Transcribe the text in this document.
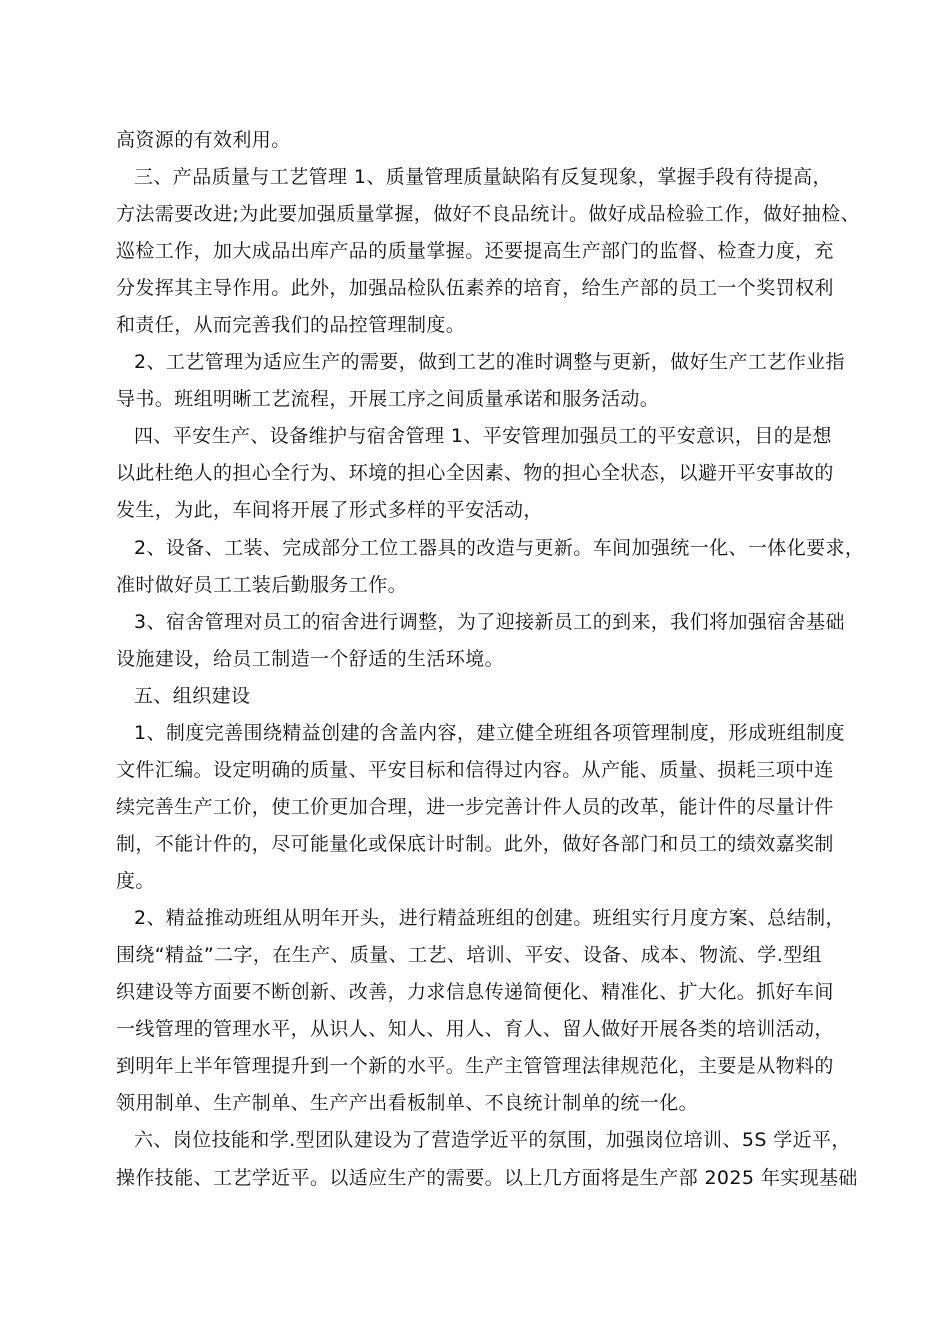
高资源的有效利用。
三、产品质量与工艺管理 1、质量管理质量缺陷有反复现象，掌握手段有待提高，
方法需要改进;为此要加强质量掌握，做好不良品统计。做好成品检验工作，做好抽检、
巡检工作，加大成品出库产品的质量掌握。还要提高生产部门的监督、检查力度，充
分发挥其主导作用。此外，加强品检队伍素养的培育，给生产部的员工一个奖罚权利
和责任，从而完善我们的品控管理制度。
2、工艺管理为适应生产的需要，做到工艺的准时调整与更新，做好生产工艺作业指
导书。班组明晰工艺流程，开展工序之间质量承诺和服务活动。
四、平安生产、设备维护与宿舍管理 1、平安管理加强员工的平安意识，目的是想
以此杜绝人的担心全行为、环境的担心全因素、物的担心全状态，以避开平安事故的
发生，为此，车间将开展了形式多样的平安活动，
2、设备、工装、完成部分工位工器具的改造与更新。车间加强统一化、一体化要求，
准时做好员工工装后勤服务工作。
3、宿舍管理对员工的宿舍进行调整，为了迎接新员工的到来，我们将加强宿舍基础
设施建设，给员工制造一个舒适的生活环境。
五、组织建设
1、制度完善围绕精益创建的含盖内容，建立健全班组各项管理制度，形成班组制度
文件汇编。设定明确的质量、平安目标和信得过内容。从产能、质量、损耗三项中连
续完善生产工价，使工价更加合理，进一步完善计件人员的改革，能计件的尽量计件
制，不能计件的，尽可能量化或保底计时制。此外，做好各部门和员工的绩效嘉奖制
度。
2、精益推动班组从明年开头，进行精益班组的创建。班组实行月度方案、总结制，
围绕“精益”二字，在生产、质量、工艺、培训、平安、设备、成本、物流、学.型组
织建设等方面要不断创新、改善，力求信息传递简便化、精准化、扩大化。抓好车间
一线管理的管理水平，从识人、知人、用人、育人、留人做好开展各类的培训活动，
到明年上半年管理提升到一个新的水平。生产主管管理法律规范化，主要是从物料的
领用制单、生产制单、生产产出看板制单、不良统计制单的统一化。
六、岗位技能和学.型团队建设为了营造学近平的氛围，加强岗位培训、5S 学近平，
操作技能、工艺学近平。以适应生产的需要。以上几方面将是生产部 2025 年实现基础
